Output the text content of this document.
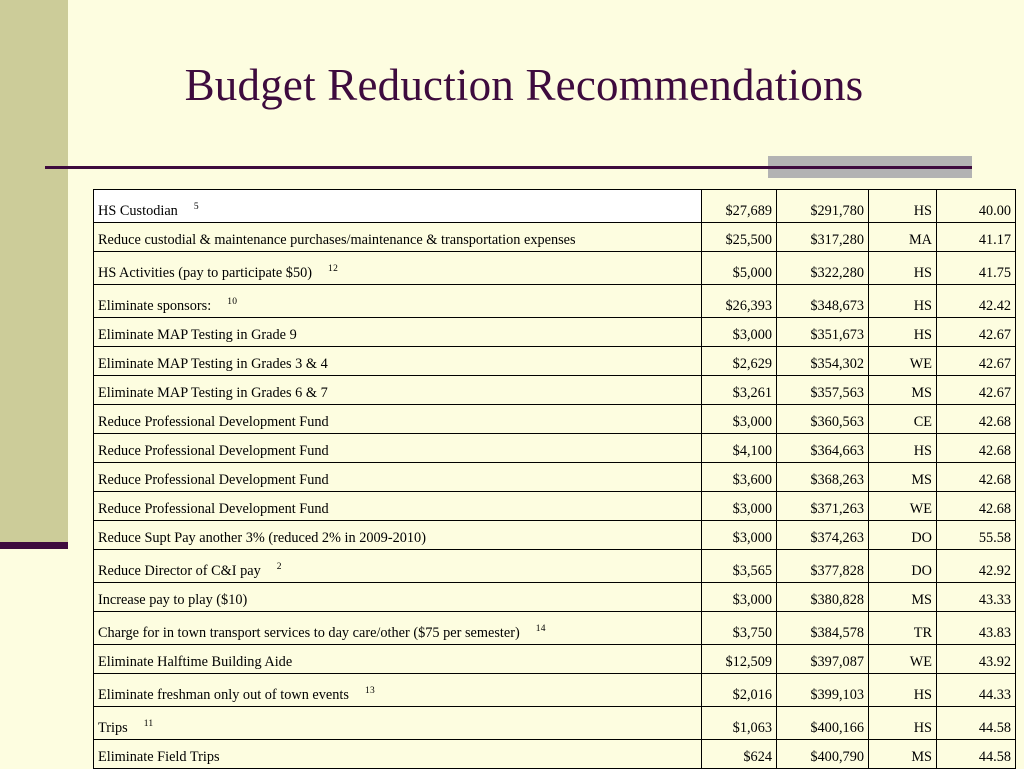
Budget Reduction Recommendations
HS Custodian $^5$	$27,689	$291,780	HS	40.00
Reduce custodial & maintenance purchases/maintenance & transportation expenses	$25,500	$317,280	MA	41.17
HS Activities (pay to participate $50) $^{12}$	$5,000	$322,280	HS	41.75
Eliminate sponsors: $^{10}$	$26,393	$348,673	HS	42.42
Eliminate MAP Testing in Grade 9	$3,000	$351,673	HS	42.67
Eliminate MAP Testing in Grades 3 & 4	$2,629	$354,302	WE	42.67
Eliminate MAP Testing in Grades 6 & 7	$3,261	$357,563	MS	42.67
Reduce Professional Development Fund	$3,000	$360,563	CE	42.68
Reduce Professional Development Fund	$4,100	$364,663	HS	42.68
Reduce Professional Development Fund	$3,600	$368,263	MS	42.68
Reduce Professional Development Fund	$3,000	$371,263	WE	42.68
Reduce Supt Pay another 3% (reduced 2% in 2009-2010)	$3,000	$374,263	DO	55.58
Reduce Director of C&I pay $^2$	$3,565	$377,828	DO	42.92
Increase pay to play ($10)	$3,000	$380,828	MS	43.33
Charge for in town transport services to day care/other ($75 per semester) $^{14}$	$3,750	$384,578	TR	43.83
Eliminate Halftime Building Aide	$12,509	$397,087	WE	43.92
Eliminate freshman only out of town events $^{13}$	$2,016	$399,103	HS	44.33
Trips $^{11}$	$1,063	$400,166	HS	44.58
Eliminate Field Trips	$624	$400,790	MS	44.58
